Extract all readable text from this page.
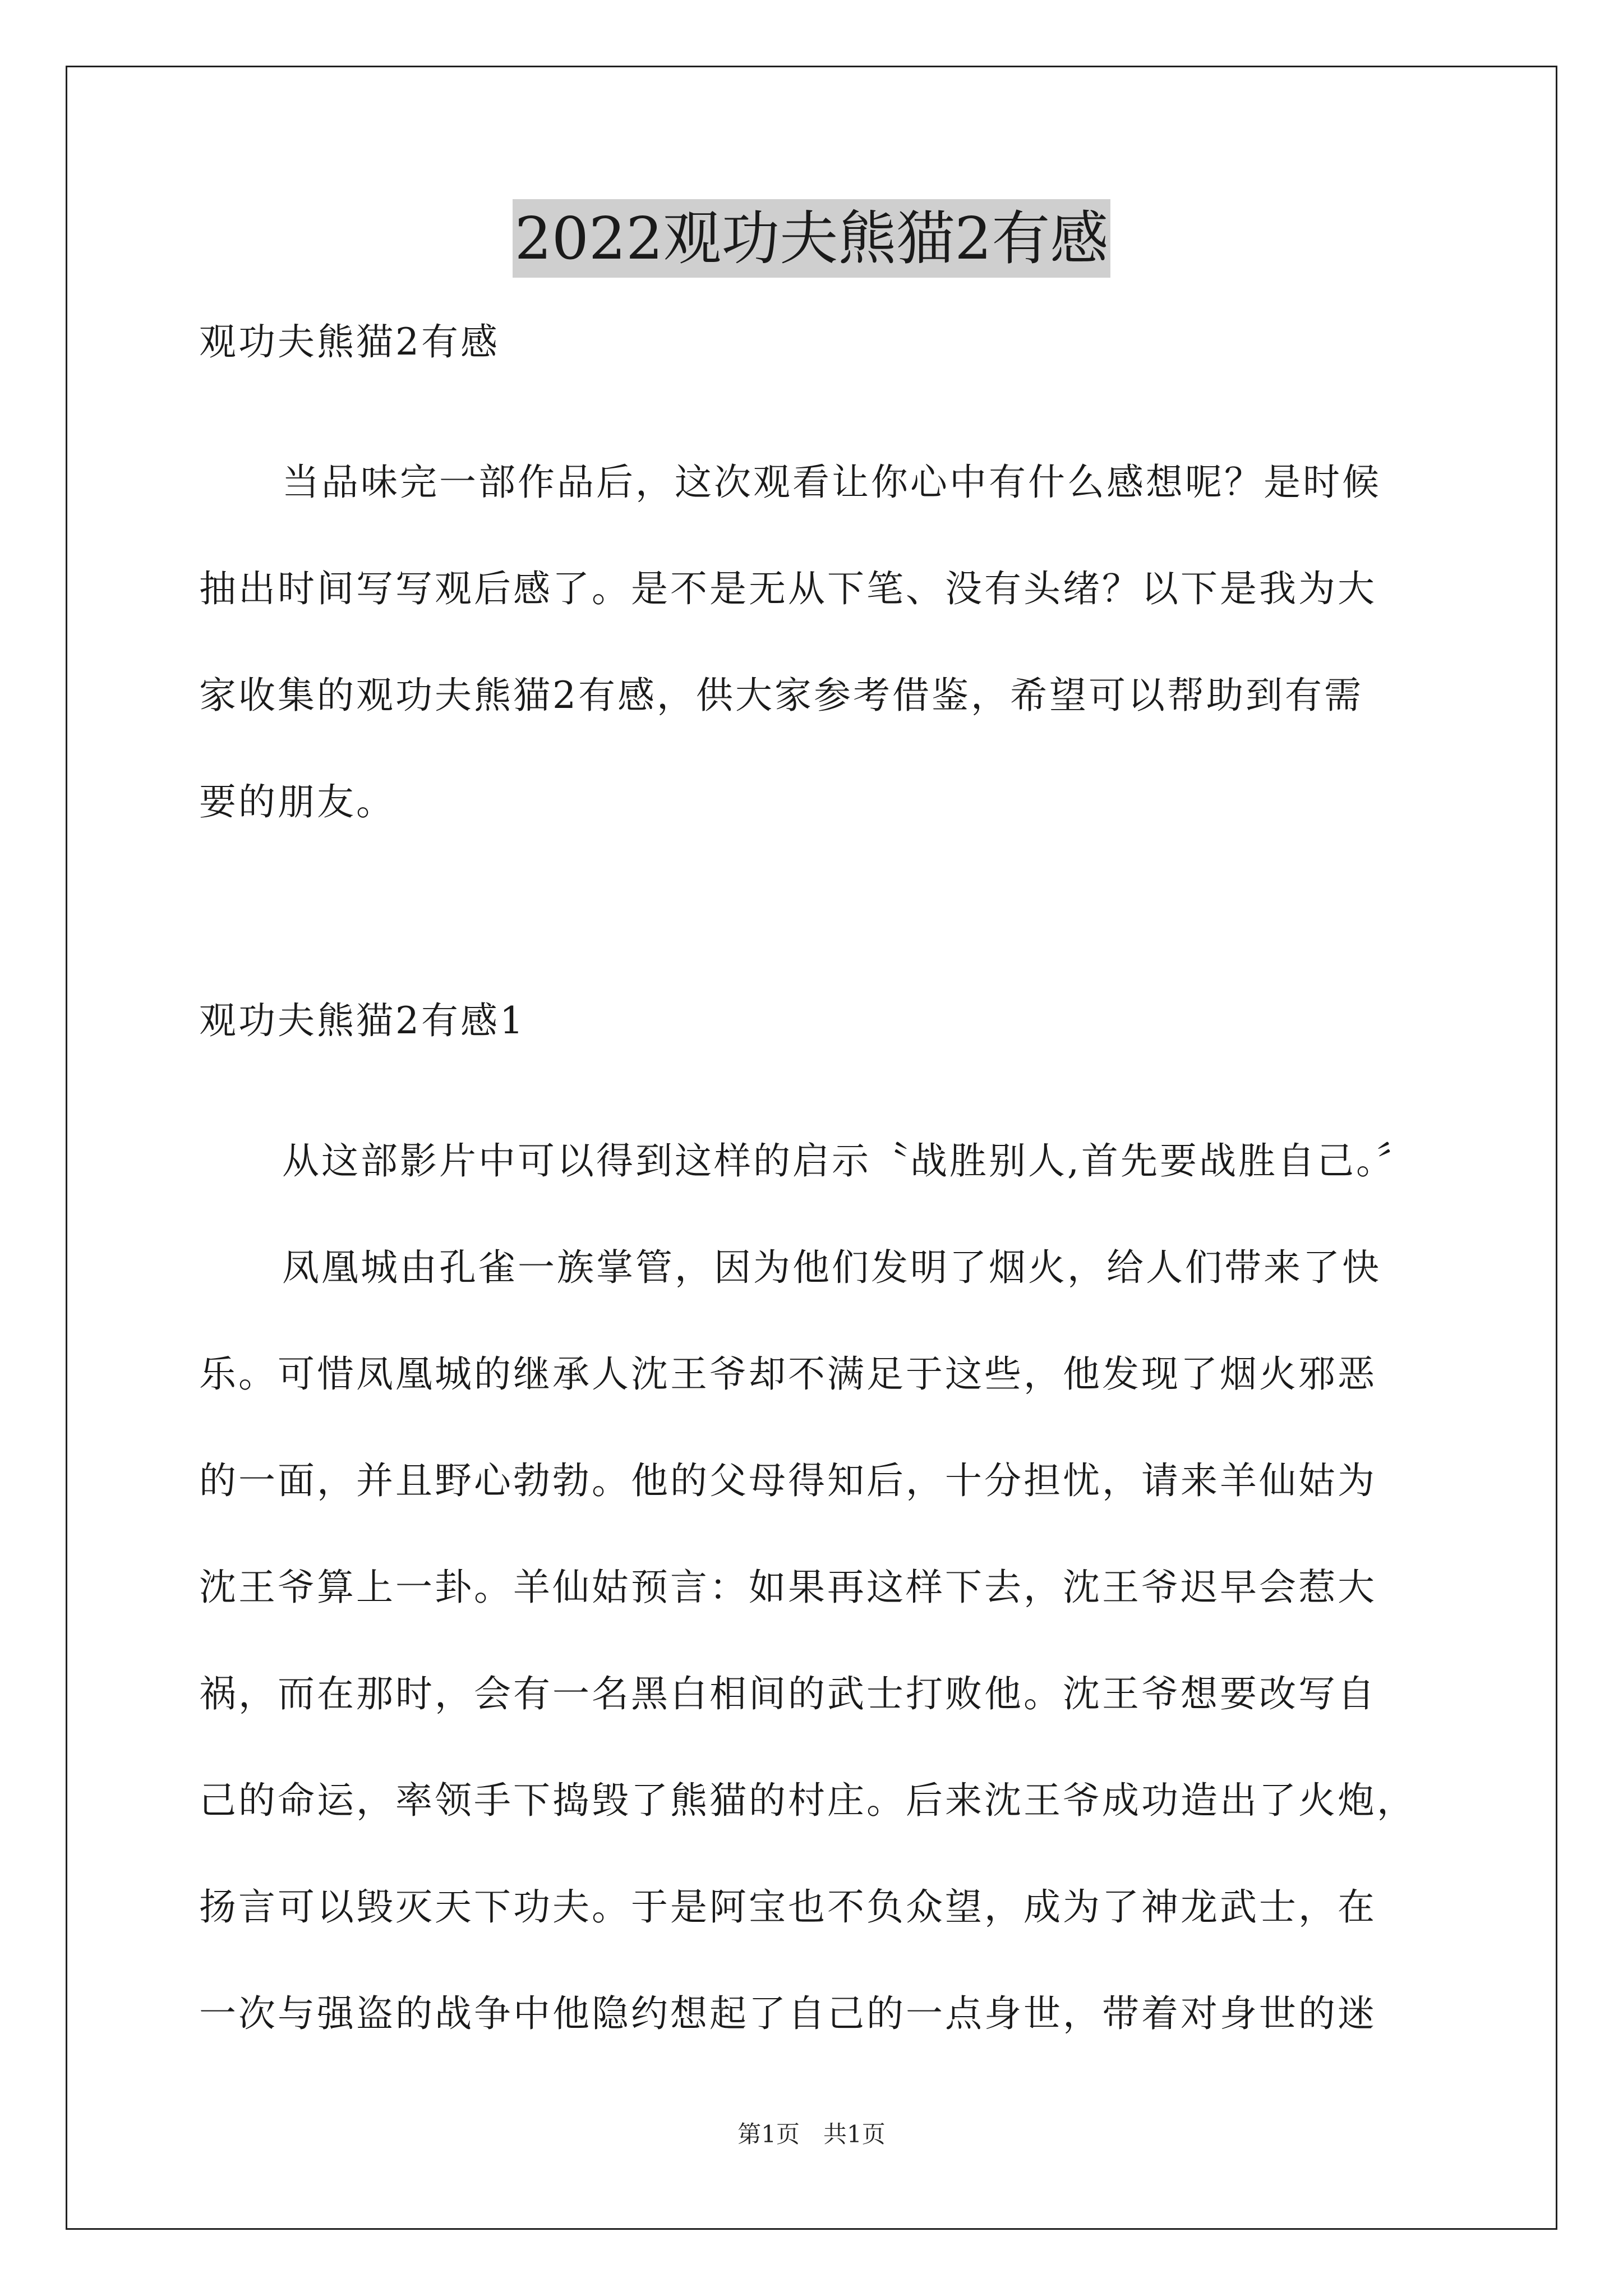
2022观功夫熊猫2有感
观功夫熊猫2有感
当品味完一部作品后，这次观看让你心中有什么感想呢？是时候
抽出时间写写观后感了。是不是无从下笔、没有头绪？以下是我为大
家收集的观功夫熊猫2有感，供大家参考借鉴，希望可以帮助到有需
要的朋友。
观功夫熊猫2有感1
从这部影片中可以得到这样的启示〝战胜别人,首先要战胜自己。〞
凤凰城由孔雀一族掌管，因为他们发明了烟火，给人们带来了快
乐。可惜凤凰城的继承人沈王爷却不满足于这些，他发现了烟火邪恶
的一面，并且野心勃勃。他的父母得知后，十分担忧，请来羊仙姑为
沈王爷算上一卦。羊仙姑预言：如果再这样下去，沈王爷迟早会惹大
祸，而在那时，会有一名黑白相间的武士打败他。沈王爷想要改写自
己的命运，率领手下捣毁了熊猫的村庄。后来沈王爷成功造出了火炮，
扬言可以毁灭天下功夫。于是阿宝也不负众望，成为了神龙武士，在
一次与强盗的战争中他隐约想起了自己的一点身世，带着对身世的迷
第1页　共1页
